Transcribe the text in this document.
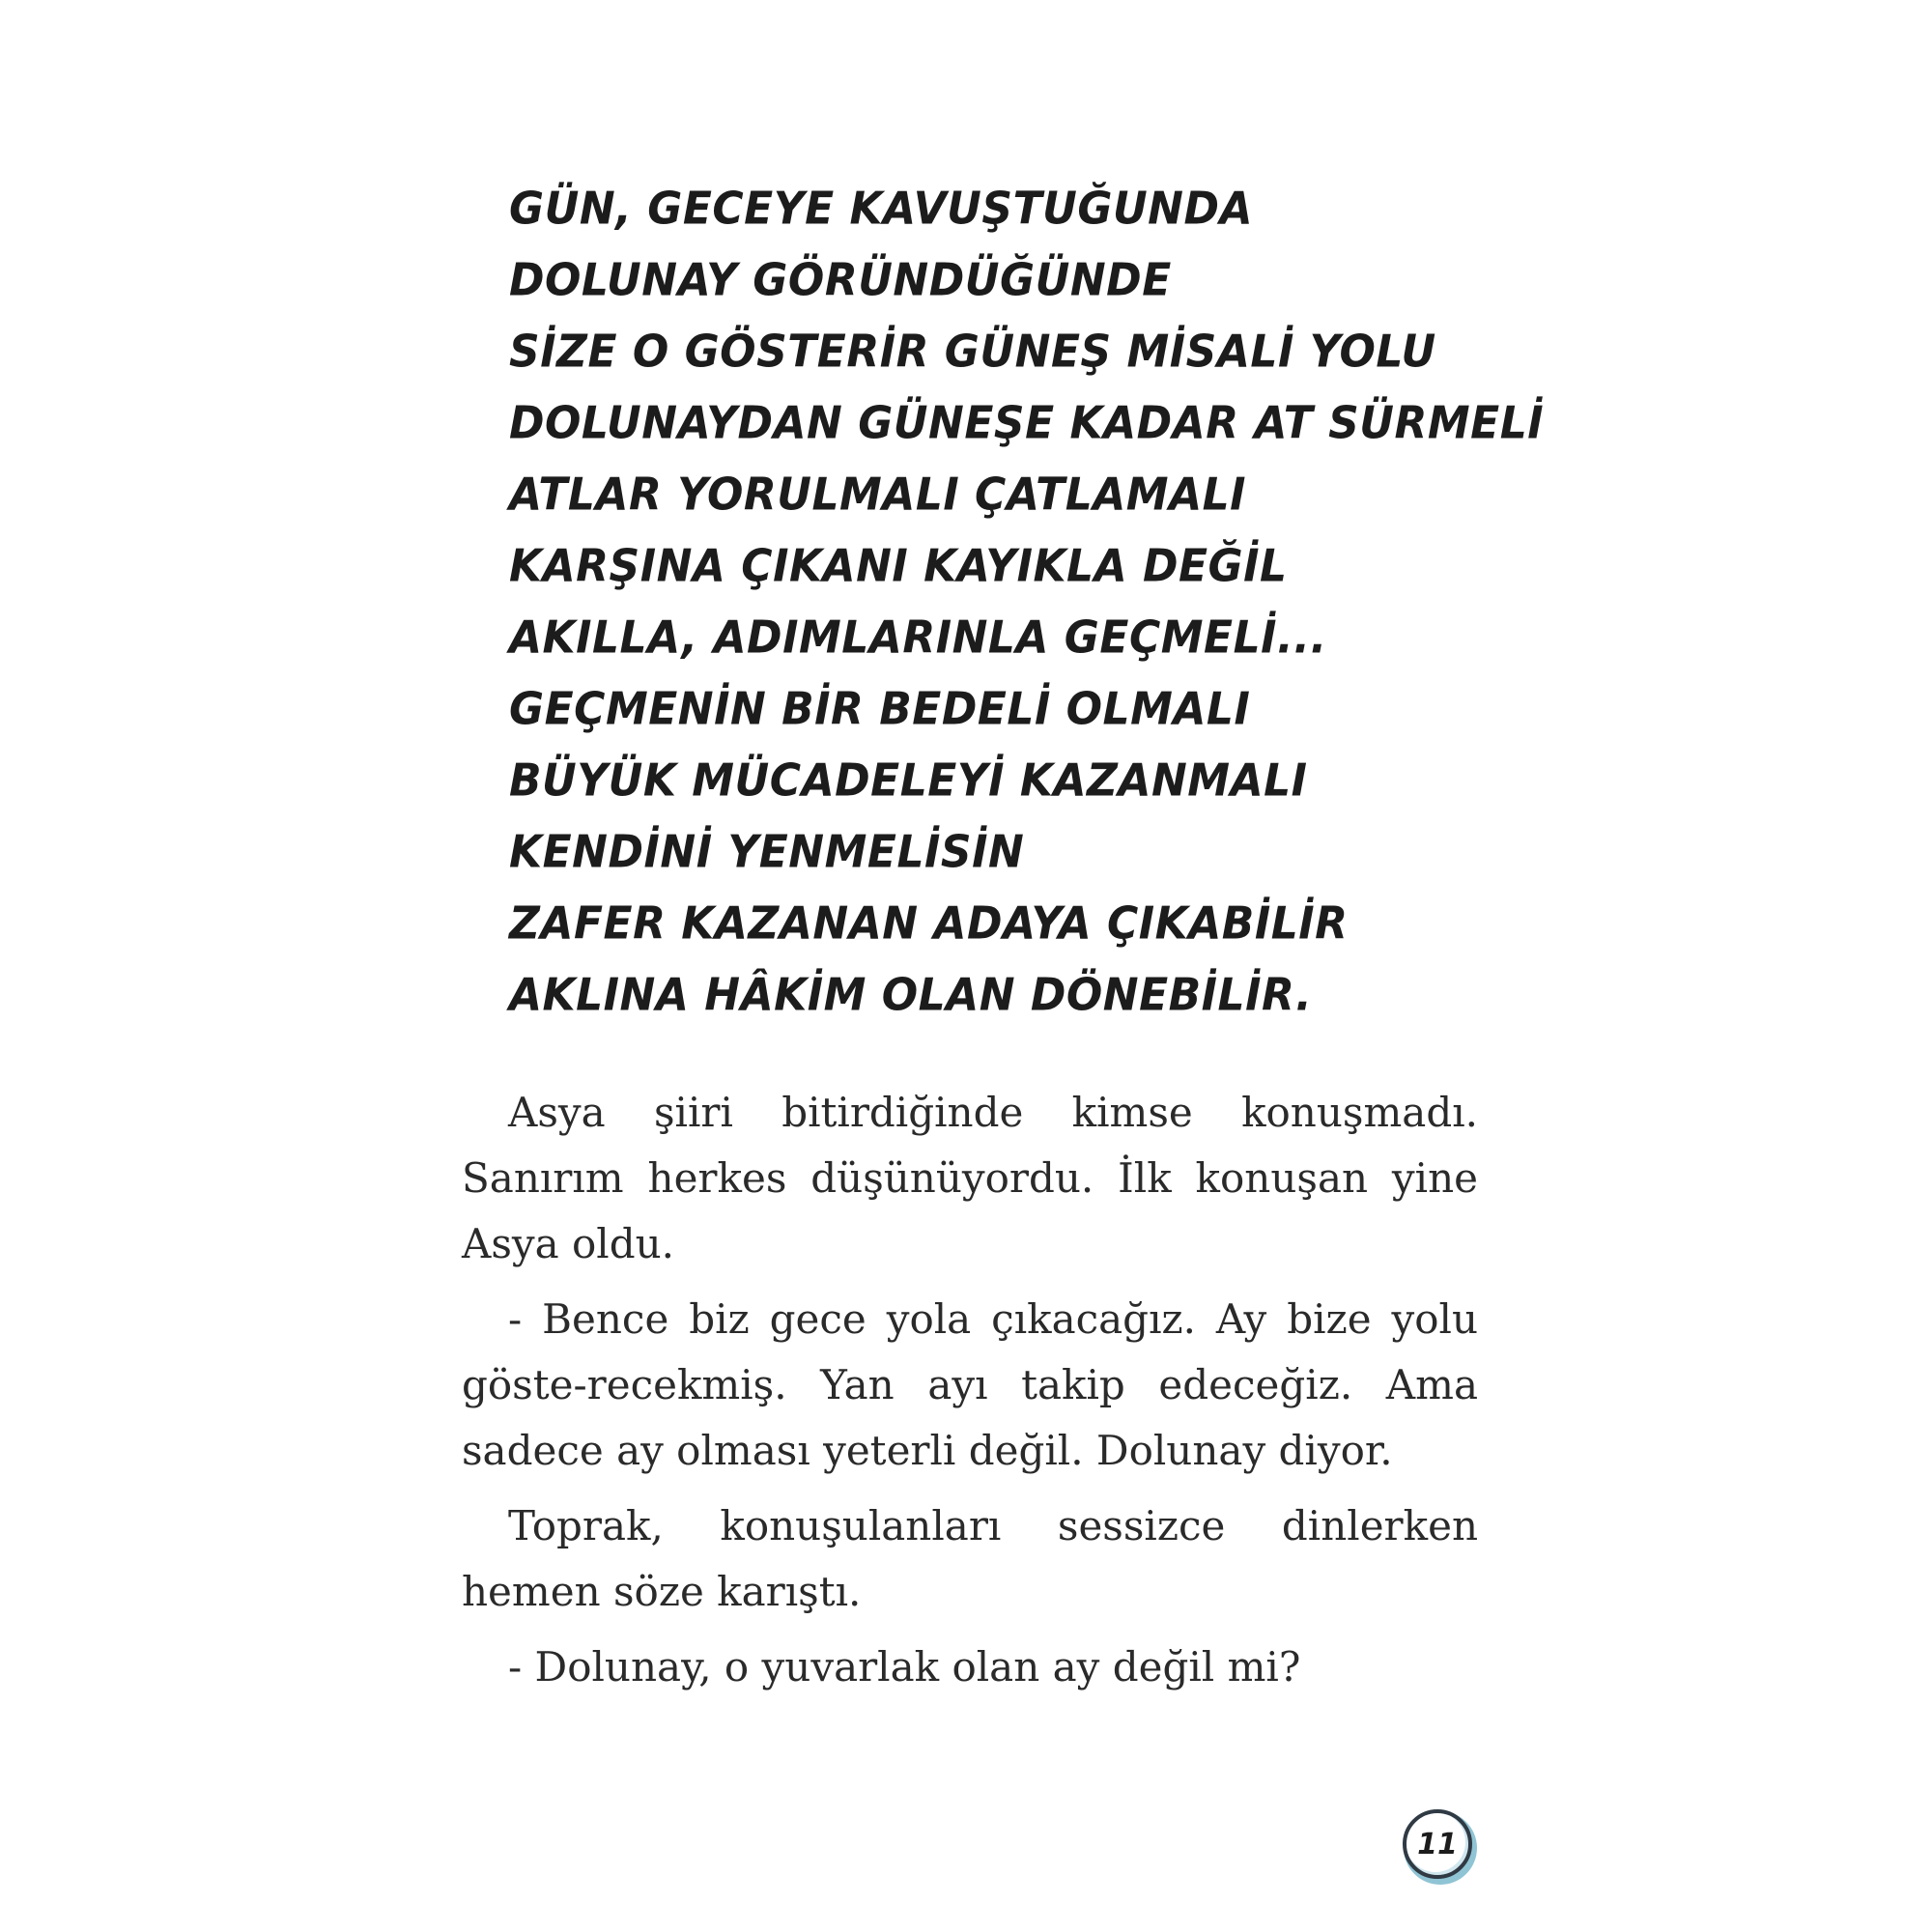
GÜN, GECEYE KAVUŞTUĞUNDA
DOLUNAY GÖRÜNDÜĞÜNDE
SİZE O GÖSTERİR GÜNEŞ MİSALİ YOLU
DOLUNAYDAN GÜNEŞE KADAR AT SÜRMELİ
ATLAR YORULMALI ÇATLAMALI
KARŞINA ÇIKANI KAYIKLA DEĞİL
AKILLA, ADIMLARINLA GEÇMELİ...
GEÇMENİN BİR BEDELİ OLMALI
BÜYÜK MÜCADELEYİ KAZANMALI
KENDİNİ YENMELİSİN
ZAFER KAZANAN ADAYA ÇIKABİLİR
AKLINA HÂKİM OLAN DÖNEBİLİR.

Asya şiiri bitirdiğinde kimse konuşmadı. Sanırım herkes düşünüyordu. İlk konuşan yine Asya oldu.

- Bence biz gece yola çıkacağız. Ay bize yolu göste-recekmiş. Yan ayı takip edeceğiz. Ama sadece ay olması yeterli değil. Dolunay diyor.

Toprak, konuşulanları sessizce dinlerken hemen söze karıştı.

- Dolunay, o yuvarlak olan ay değil mi?

11
